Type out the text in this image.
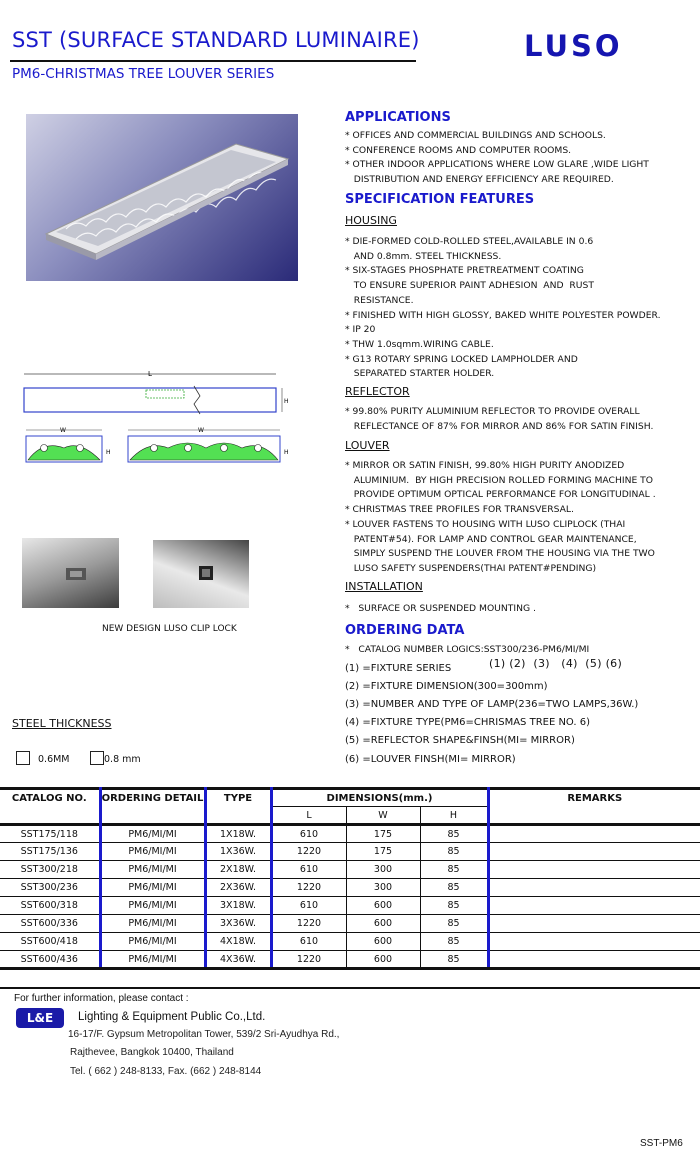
SST (SURFACE STANDARD LUMINAIRE)
PM6-CHRISTMAS TREE LOUVER SERIES
LUSO
L
H
W
H
W
H
NEW DESIGN LUSO CLIP LOCK
STEEL THICKNESS
0.6MM	0.8 mm
APPLICATIONS
* OFFICES AND COMMERCIAL BUILDINGS AND SCHOOLS.
* CONFERENCE ROOMS AND COMPUTER ROOMS.
* OTHER INDOOR APPLICATIONS WHERE LOW GLARE ,WIDE LIGHT
DISTRIBUTION AND ENERGY EFFICIENCY ARE REQUIRED.
SPECIFICATION FEATURES
HOUSING
* DIE-FORMED COLD-ROLLED STEEL,AVAILABLE IN 0.6
AND 0.8mm. STEEL THICKNESS.
* SIX-STAGES PHOSPHATE PRETREATMENT COATING
TO ENSURE SUPERIOR PAINT ADHESION  AND  RUST
RESISTANCE.
* FINISHED WITH HIGH GLOSSY, BAKED WHITE POLYESTER POWDER.
* IP 20
* THW 1.0sqmm.WIRING CABLE.
* G13 ROTARY SPRING LOCKED LAMPHOLDER AND
SEPARATED STARTER HOLDER.
REFLECTOR
* 99.80% PURITY ALUMINIUM REFLECTOR TO PROVIDE OVERALL
REFLECTANCE OF 87% FOR MIRROR AND 86% FOR SATIN FINISH.
LOUVER
* MIRROR OR SATIN FINISH, 99.80% HIGH PURITY ANODIZED
ALUMINIUM.  BY HIGH PRECISION ROLLED FORMING MACHINE TO
PROVIDE OPTIMUM OPTICAL PERFORMANCE FOR LONGITUDINAL .
* CHRISTMAS TREE PROFILES FOR TRANSVERSAL.
* LOUVER FASTENS TO HOUSING WITH LUSO CLIPLOCK (THAI
PATENT#54). FOR LAMP AND CONTROL GEAR MAINTENANCE,
SIMPLY SUSPEND THE LOUVER FROM THE HOUSING VIA THE TWO
LUSO SAFETY SUSPENDERS(THAI PATENT#PENDING)
INSTALLATION
*   SURFACE OR SUSPENDED MOUNTING .
ORDERING DATA
*   CATALOG NUMBER LOGICS:SST300/236-PM6/MI/MI
(1) (2)  (3)   (4)  (5) (6)
(1) =FIXTURE SERIES
(2) =FIXTURE DIMENSION(300=300mm)
(3) =NUMBER AND TYPE OF LAMP(236=TWO LAMPS,36W.)
(4) =FIXTURE TYPE(PM6=CHRISMAS TREE NO. 6)
(5) =REFLECTOR SHAPE&FINSH(MI= MIRROR)
(6) =LOUVER FINSH(MI= MIRROR)
CATALOG NO.	ORDERING DETAIL	TYPE	DIMENSIONS(mm.)			REMARKS
			L	W	H	
SST175/118	PM6/MI/MI	1X18W.	610	175	85	
SST175/136	PM6/MI/MI	1X36W.	1220	175	85	
SST300/218	PM6/MI/MI	2X18W.	610	300	85	
SST300/236	PM6/MI/MI	2X36W.	1220	300	85	
SST600/318	PM6/MI/MI	3X18W.	610	600	85	
SST600/336	PM6/MI/MI	3X36W.	1220	600	85	
SST600/418	PM6/MI/MI	4X18W.	610	600	85	
SST600/436	PM6/MI/MI	4X36W.	1220	600	85	
For further information, please contact :
L&E	Lighting & Equipment Public Co.,Ltd.
16-17/F. Gypsum Metropolitan Tower, 539/2 Sri-Ayudhya Rd.,
Rajthevee, Bangkok 10400, Thailand
Tel. ( 662 ) 248-8133, Fax. (662 ) 248-8144
SST-PM6
